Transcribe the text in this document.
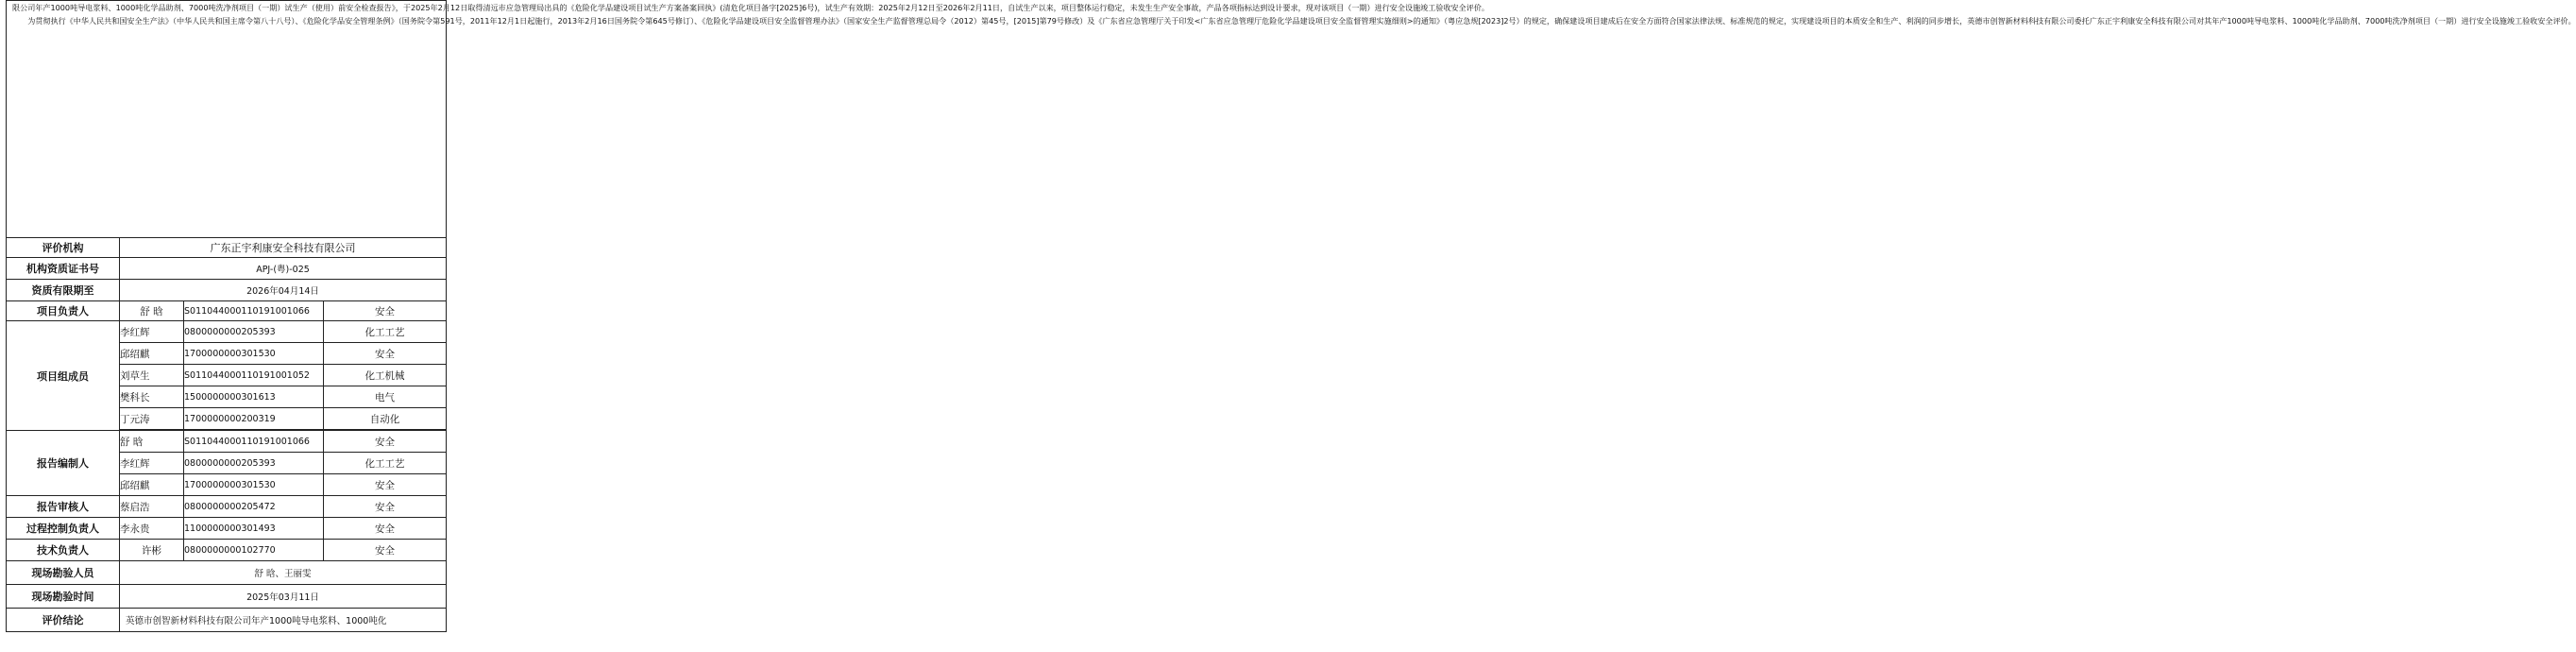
限公司年产1000吨导电浆料、1000吨化学品助剂、7000吨洗净剂项目（一期）试生产（使用）前安全检查报告》，于2025年2月12日取得清远市应急管理局出具的《危险化学品建设项目试生产方案备案回执》(清危化项目备字[2025]6号)，试生产有效期：2025年2月12日至2026年2月11日，自试生产以来，项目整体运行稳定，未发生生产安全事故，产品各项指标达到设计要求，现对该项目（一期）进行安全设施竣工验收安全评价。

为贯彻执行《中华人民共和国安全生产法》（中华人民共和国主席令第八十八号）、《危险化学品安全管理条例》（国务院令第591号，2011年12月1日起施行，2013年2月16日国务院令第645号修订）、《危险化学品建设项目安全监督管理办法》（国家安全生产监督管理总局令（2012）第45号，[2015]第79号修改）及《广东省应急管理厅关于印发<广东省应急管理厅危险化学品建设项目安全监督管理实施细则>的通知》（粤应急规[2023]2号）的规定，确保建设项目建成后在安全方面符合国家法律法规、标准规范的规定，实现建设项目的本质安全和生产、利润的同步增长，英德市创智新材料科技有限公司委托广东正宇利康安全科技有限公司对其年产1000吨导电浆料、1000吨化学品助剂、7000吨洗净剂项目（一期）进行安全设施竣工验收安全评价。			

评价机构	广东正宇利康安全科技有限公司		
机构资质证书号	APJ-(粤)-025		
资质有限期至	2026年04月14日		
项目负责人	舒 晗	S011044000110191001066	安全
项目组成员	李红辉	0800000000205393	化工工艺
	邱绍麒	1700000000301530	安全
	刘草生	S011044000110191001052	化工机械
	樊科长	1500000000301613	电气
	丁元涛	1700000000200319	自动化

报告编制人	舒 晗	S011044000110191001066	安全
	李红辉	0800000000205393	化工工艺
	邱绍麒	1700000000301530	安全
报告审核人	蔡启浩	0800000000205472	安全
过程控制负责人	李永贵	1100000000301493	安全
技术负责人	许彬	0800000000102770	安全
现场勘验人员	舒 晗、王丽雯		
现场勘验时间	2025年03月11日		
评价结论	英德市创智新材料科技有限公司年产1000吨导电浆料、1000吨化		
